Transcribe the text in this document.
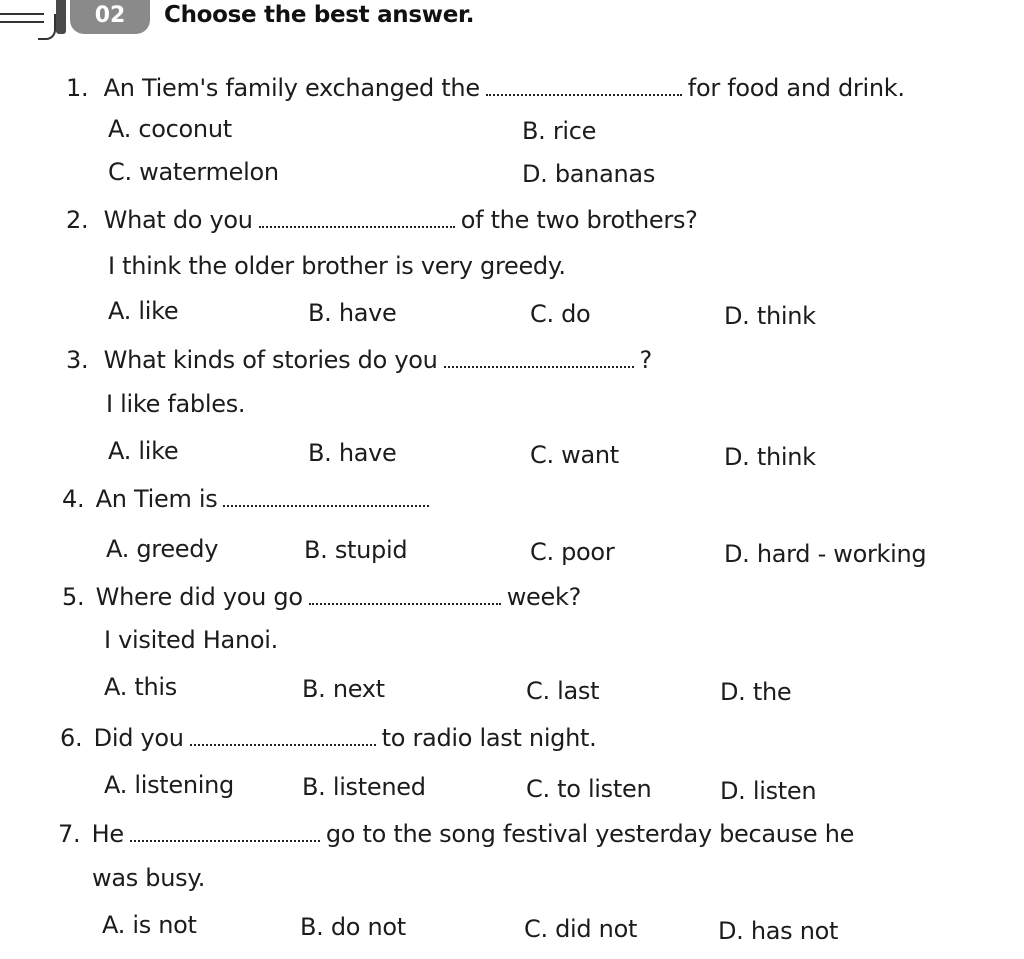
02	Choose the best answer.
1. An Tiem's family exchanged the	for food and drink.
A. coconut	B. rice
C. watermelon	D. bananas
2. What do you	of the two brothers?
I think the older brother is very greedy.
A. like	B. have	C. do	D. think
3. What kinds of stories do you	?
I like fables.
A. like	B. have	C. want	D. think
4. An Tiem is
A. greedy	B. stupid	C. poor	D. hard - working
5. Where did you go	week?
I visited Hanoi.
A. this	B. next	C. last	D. the
6. Did you	to radio last night.
A. listening	B. listened	C. to listen	D. listen
7. He	go to the song festival yesterday because he
was busy.
A. is not	B. do not	C. did not	D. has not
